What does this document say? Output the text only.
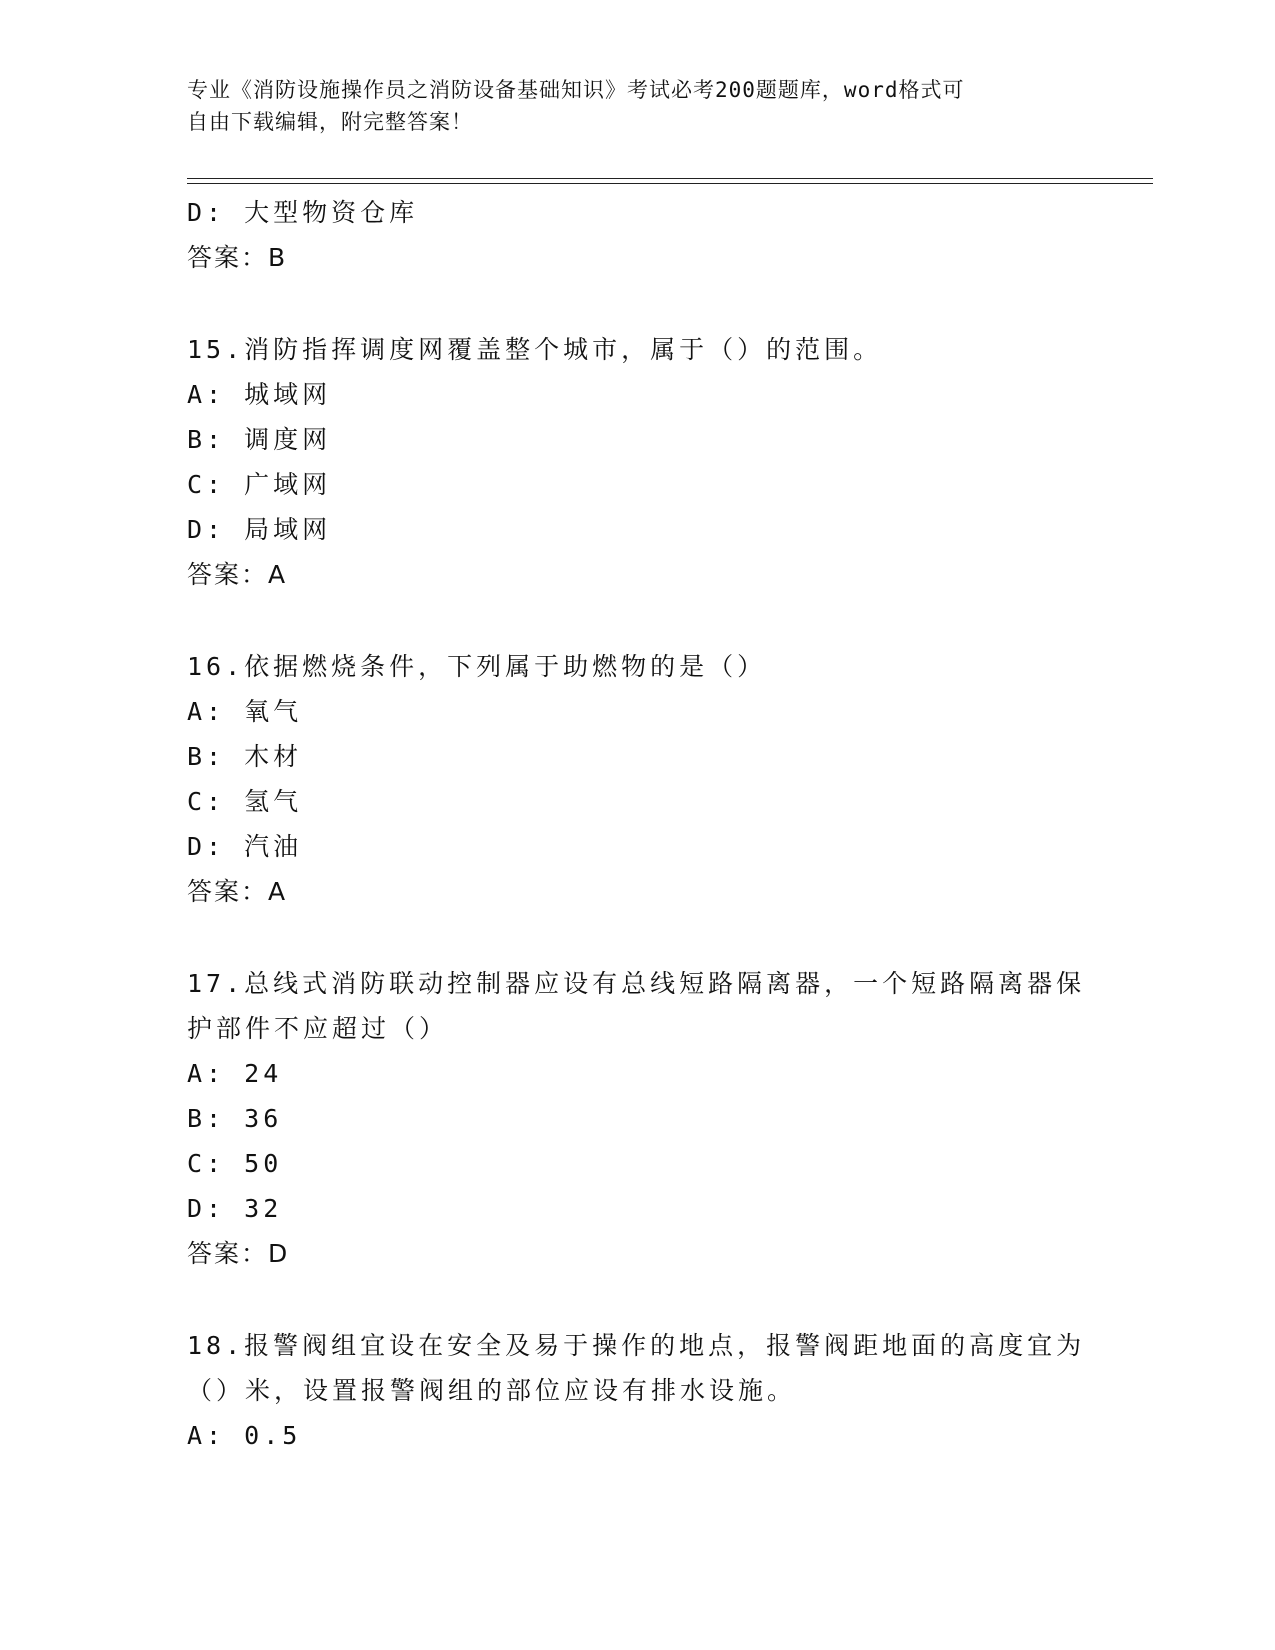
专业《消防设施操作员之消防设备基础知识》考试必考200题题库，word格式可
自由下载编辑，附完整答案！
D: 大型物资仓库
答案：B
15.消防指挥调度网覆盖整个城市，属于（）的范围。
A: 城域网
B: 调度网
C: 广域网
D: 局域网
答案：A
16.依据燃烧条件，下列属于助燃物的是（）
A: 氧气
B: 木材
C: 氢气
D: 汽油
答案：A
17.总线式消防联动控制器应设有总线短路隔离器，一个短路隔离器保
护部件不应超过（）
A: 24
B: 36
C: 50
D: 32
答案：D
18.报警阀组宜设在安全及易于操作的地点，报警阀距地面的高度宜为
（）米，设置报警阀组的部位应设有排水设施。
A: 0.5
